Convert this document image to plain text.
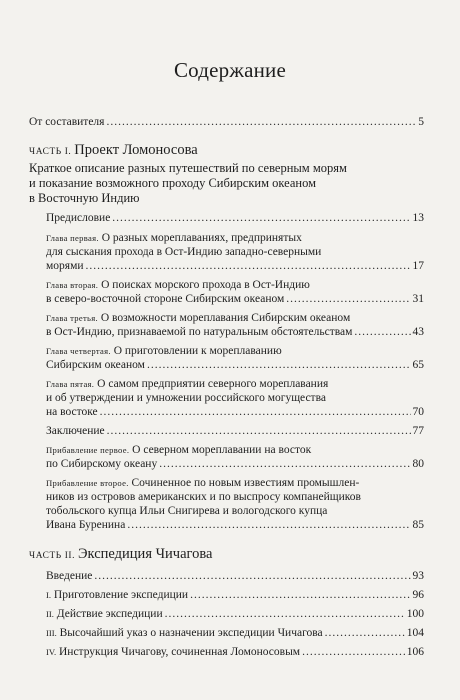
Содержание
От составителя .....	5
ЧАСТЬ I. Проект Ломоносова
Краткое описание разных путешествий по северным морям
и показание возможного проходу Сибирским океаном
в Восточную Индию
Предисловие .....	13
Глава первая. О разных мореплаваниях, предпринятых
для сыскания прохода в Ост-Индию западно-северными
морями .....	17
Глава вторая. О поисках морского прохода в Ост-Индию
в северо-восточной стороне Сибирским океаном .....	31
Глава третья. О возможности мореплавания Сибирским океаном
в Ост-Индию, признаваемой по натуральным обстоятельствам .....	43
Глава четвертая. О приготовлении к мореплаванию
Сибирским океаном .....	65
Глава пятая. О самом предприятии северного мореплавания
и об утверждении и умножении российского могущества
на востоке .....	70
Заключение .....	77
Прибавление первое. О северном мореплавании на восток
по Сибирскому океану .....	80
Прибавление второе. Сочиненное по новым известиям промышлен-
ников из островов американских и по выспросу компанейщиков
тобольского купца Ильи Снигирева и вологодского купца
Ивана Буренина .....	85
ЧАСТЬ II. Экспедиция Чичагова
Введение .....	93
I. Приготовление экспедиции .....	96
II. Действие экспедиции .....	100
III. Высочайший указ о назначении экспедиции Чичагова .....	104
IV. Инструкция Чичагову, сочиненная Ломоносовым .....	106
